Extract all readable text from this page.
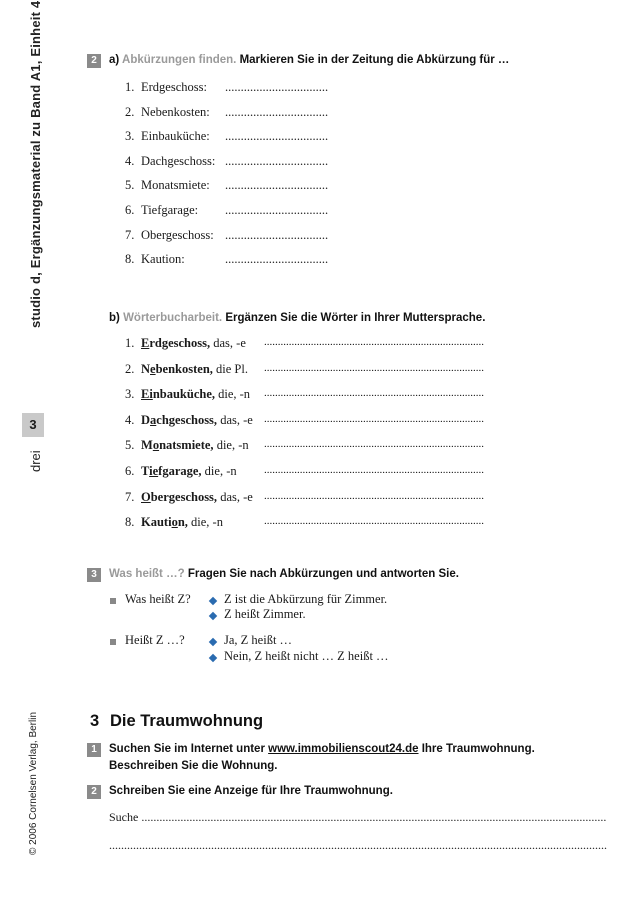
studio d, Ergänzungsmaterial zu Band A1, Einheit 4
3
drei
© 2006 Cornelsen Verlag, Berlin
2	a) Abkürzungen finden. Markieren Sie in der Zeitung die Abkürzung für …
1. Erdgeschoss: .................................
2. Nebenkosten: .................................
3. Einbauküche: .................................
4. Dachgeschoss: .................................
5. Monatsmiete: .................................
6. Tiefgarage: .................................
7. Obergeschoss: .................................
8. Kaution:	.................................
b) Wörterbucharbeit. Ergänzen Sie die Wörter in Ihrer Muttersprache.
1. Erdgeschoss, das, -e ................................................................................
2. Nebenkosten, die Pl. ................................................................................
3. Einbauküche, die, -n ................................................................................
4. Dachgeschoss, das, -e ................................................................................
5. Monatsmiete, die, -n ................................................................................
6. Tiefgarage, die, -n ................................................................................
7. Obergeschoss, das, -e ................................................................................
8. Kaution, die, -n	................................................................................
3	Was heißt …? Fragen Sie nach Abkürzungen und antworten Sie.
Was heißt Z?	Z ist die Abkürzung für Zimmer.
Z heißt Zimmer.
Heißt Z …?	Ja, Z heißt …
Nein, Z heißt nicht … Z heißt …
3 Die Traumwohnung
1	Suchen Sie im Internet unter www.immobilienscout24.de Ihre Traumwohnung.
Beschreiben Sie die Wohnung.
2	Schreiben Sie eine Anzeige für Ihre Traumwohnung.
Suche ...........................................................................................................................................................
......................................................................................................................................................................
